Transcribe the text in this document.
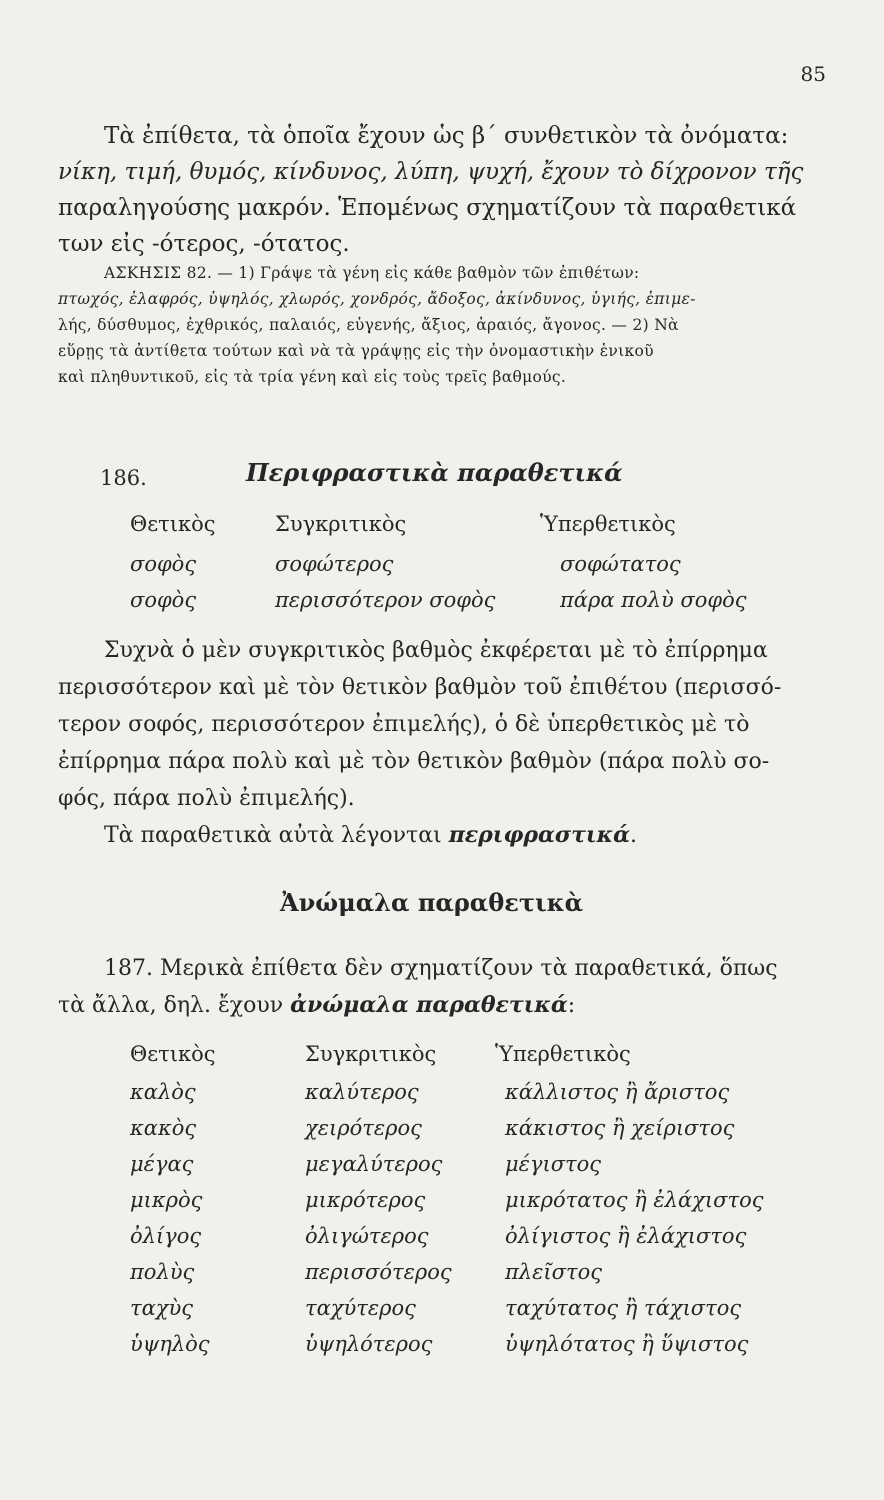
85
Τὰ ἐπίθετα, τὰ ὁποῖα ἔχουν ὡς β΄ συνθετικὸν τὰ ὀνόματα:
νίκη, τιμή, θυμός, κίνδυνος, λύπη, ψυχή, ἔχουν τὸ δίχρονον τῆς
παραληγούσης μακρόν. Ἑπομένως σχηματίζουν τὰ παραθετικά
των εἰς -ότερος, -ότατος.
ΑΣΚΗΣΙΣ 82. — 1) Γράψε τὰ γένη εἰς κάθε βαθμὸν τῶν ἐπιθέτων:
πτωχός, ἐλαφρός, ὑψηλός, χλωρός, χονδρός, ἄδοξος, ἀκίνδυνος, ὑγιής, ἐπιμε-
λής, δύσθυμος, ἐχθρικός, παλαιός, εὐγενής, ἄξιος, ἀραιός, ἄγονος. — 2) Νὰ
εὕρῃς τὰ ἀντίθετα τούτων καὶ νὰ τὰ γράψῃς εἰς τὴν ὀνομαστικὴν ἑνικοῦ
καὶ πληθυντικοῦ, εἰς τὰ τρία γένη καὶ εἰς τοὺς τρεῖς βαθμούς.
186.	Περιφραστικὰ παραθετικά
Θετικὸς	Συγκριτικὸς	Ὑπερθετικὸς
σοφὸς	σοφώτερος	σοφώτατος
σοφὸς	περισσότερον σοφὸς	πάρα πολὺ σοφὸς
Συχνὰ ὁ μὲν συγκριτικὸς βαθμὸς ἐκφέρεται μὲ τὸ ἐπίρρημα
περισσότερον καὶ μὲ τὸν θετικὸν βαθμὸν τοῦ ἐπιθέτου (περισσό-
τερον σοφός, περισσότερον ἐπιμελής), ὁ δὲ ὑπερθετικὸς μὲ τὸ
ἐπίρρημα πάρα πολὺ καὶ μὲ τὸν θετικὸν βαθμὸν (πάρα πολὺ σο-
φός, πάρα πολὺ ἐπιμελής).
Τὰ παραθετικὰ αὐτὰ λέγονται περιφραστικά.
Ἀνώμαλα παραθετικὰ
187. Μερικὰ ἐπίθετα δὲν σχηματίζουν τὰ παραθετικά, ὅπως
τὰ ἄλλα, δηλ. ἔχουν ἀνώμαλα παραθετικά:
Θετικὸς	Συγκριτικὸς	Ὑπερθετικὸς
καλὸς	καλύτερος	κάλλιστος ἢ ἄριστος
κακὸς	χειρότερος	κάκιστος ἢ χείριστος
μέγας	μεγαλύτερος	μέγιστος
μικρὸς	μικρότερος	μικρότατος ἢ ἐλάχιστος
ὀλίγος	ὀλιγώτερος	ὀλίγιστος ἢ ἐλάχιστος
πολὺς	περισσότερος	πλεῖστος
ταχὺς	ταχύτερος	ταχύτατος ἢ τάχιστος
ὑψηλὸς	ὑψηλότερος	ὑψηλότατος ἢ ὕψιστος
